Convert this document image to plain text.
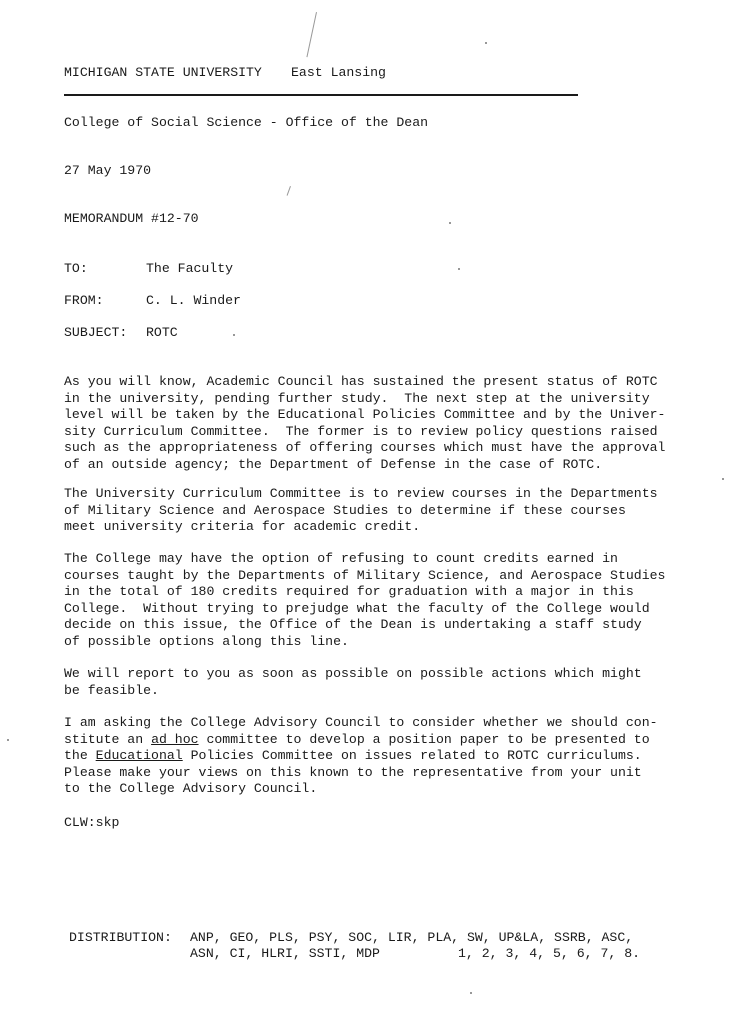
MICHIGAN STATE UNIVERSITY East Lansing
College of Social Science - Office of the Dean
27 May 1970
MEMORANDUM #12-70
TO:	The Faculty
FROM:	C. L. Winder
SUBJECT: ROTC
As you will know, Academic Council has sustained the present status of ROTC
in the university, pending further study.  The next step at the university
level will be taken by the Educational Policies Committee and by the Univer-
sity Curriculum Committee.  The former is to review policy questions raised
such as the appropriateness of offering courses which must have the approval
of an outside agency; the Department of Defense in the case of ROTC.
The University Curriculum Committee is to review courses in the Departments
of Military Science and Aerospace Studies to determine if these courses
meet university criteria for academic credit.
The College may have the option of refusing to count credits earned in
courses taught by the Departments of Military Science, and Aerospace Studies
in the total of 180 credits required for graduation with a major in this
College.  Without trying to prejudge what the faculty of the College would
decide on this issue, the Office of the Dean is undertaking a staff study
of possible options along this line.
We will report to you as soon as possible on possible actions which might
be feasible.
I am asking the College Advisory Council to consider whether we should con-
stitute an ad hoc committee to develop a position paper to be presented to
the Educational Policies Committee on issues related to ROTC curriculums.
Please make your views on this known to the representative from your unit
to the College Advisory Council.
CLW:skp
DISTRIBUTION: ANP, GEO, PLS, PSY, SOC, LIR, PLA, SW, UP&LA, SSRB, ASC,
ASN, CI, HLRI, SSTI, MDP	1, 2, 3, 4, 5, 6, 7, 8.
